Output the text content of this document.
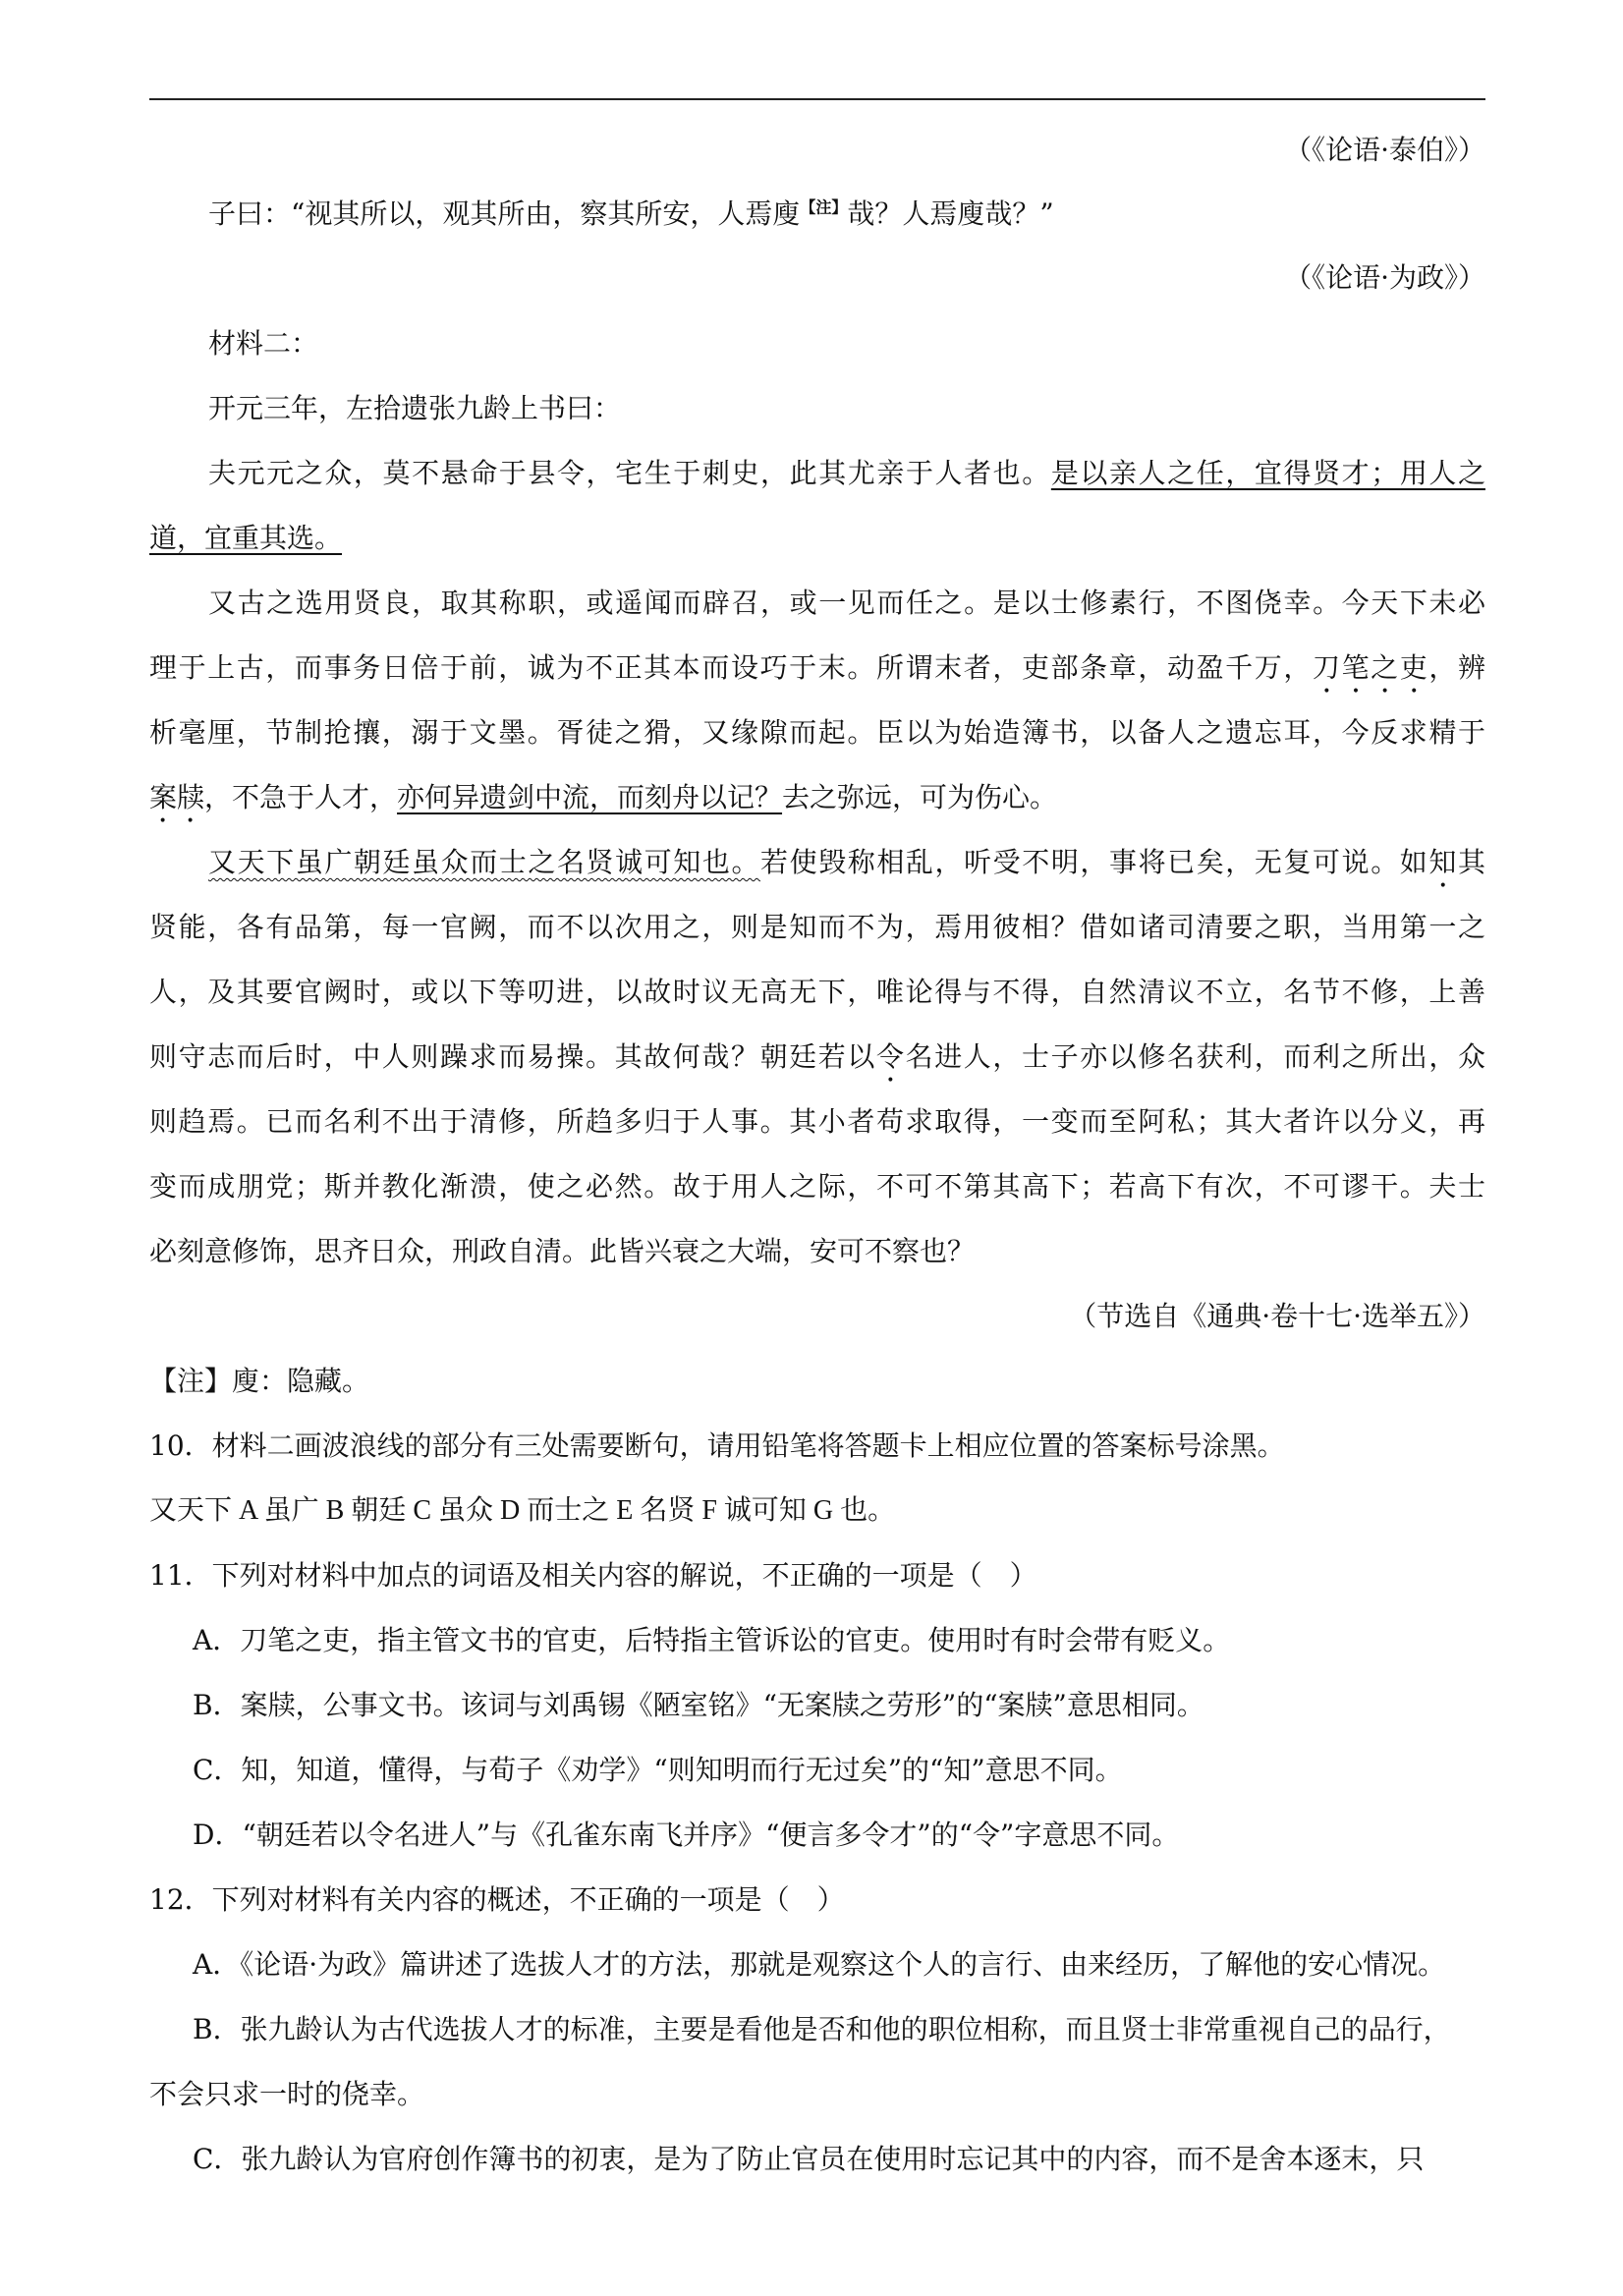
（《论语·泰伯》）
子曰：“视其所以，观其所由，察其所安，人焉廋$^{【注】}$哉？人焉廋哉？”
（《论语·为政》）
材料二：
开元三年，左拾遗张九龄上书曰：
夫元元之众，莫不悬命于县令，宅生于刺史，此其尤亲于人者也。是以亲人之任，宜得贤才；用人之
道，宜重其选。
又古之选用贤良，取其称职，或遥闻而辟召，或一见而任之。是以士修素行，不图侥幸。今天下未必
理于上古，而事务日倍于前，诚为不正其本而设巧于末。所谓末者，吏部条章，动盈千万，刀笔之吏，辨
析毫厘，节制抢攘，溺于文墨。胥徒之猾，又缘隙而起。臣以为始造簿书，以备人之遗忘耳，今反求精于
案牍，不急于人才，亦何异遗剑中流，而刻舟以记？去之弥远，可为伤心。
又天下虽广朝廷虽众而士之名贤诚可知也。若使毁称相乱，听受不明，事将已矣，无复可说。如知其
贤能，各有品第，每一官阙，而不以次用之，则是知而不为，焉用彼相？借如诸司清要之职，当用第一之
人，及其要官阙时，或以下等叨进，以故时议无高无下，唯论得与不得，自然清议不立，名节不修，上善
则守志而后时，中人则躁求而易操。其故何哉？朝廷若以令名进人，士子亦以修名获利，而利之所出，众
则趋焉。已而名利不出于清修，所趋多归于人事。其小者苟求取得，一变而至阿私；其大者许以分义，再
变而成朋党；斯并教化渐溃，使之必然。故于用人之际，不可不第其高下；若高下有次，不可谬干。夫士
必刻意修饰，思齐日众，刑政自清。此皆兴衰之大端，安可不察也？
（节选自《通典·卷十七·选举五》）
【注】廋：隐藏。
10．材料二画波浪线的部分有三处需要断句，请用铅笔将答题卡上相应位置的答案标号涂黑。
又天下 A 虽广 B 朝廷 C 虽众 D 而士之 E 名贤 F 诚可知 G 也。
11．下列对材料中加点的词语及相关内容的解说，不正确的一项是（　）
A．刀笔之吏，指主管文书的官吏，后特指主管诉讼的官吏。使用时有时会带有贬义。
B．案牍，公事文书。该词与刘禹锡《陋室铭》“无案牍之劳形”的“案牍”意思相同。
C．知，知道，懂得，与荀子《劝学》“则知明而行无过矣”的“知”意思不同。
D．“朝廷若以令名进人”与《孔雀东南飞并序》“便言多令才”的“令”字意思不同。
12．下列对材料有关内容的概述，不正确的一项是（　）
A．《论语·为政》篇讲述了选拔人才的方法，那就是观察这个人的言行、由来经历，了解他的安心情况。
B．张九龄认为古代选拔人才的标准，主要是看他是否和他的职位相称，而且贤士非常重视自己的品行，
不会只求一时的侥幸。
C．张九龄认为官府创作簿书的初衷，是为了防止官员在使用时忘记其中的内容，而不是舍本逐末，只
